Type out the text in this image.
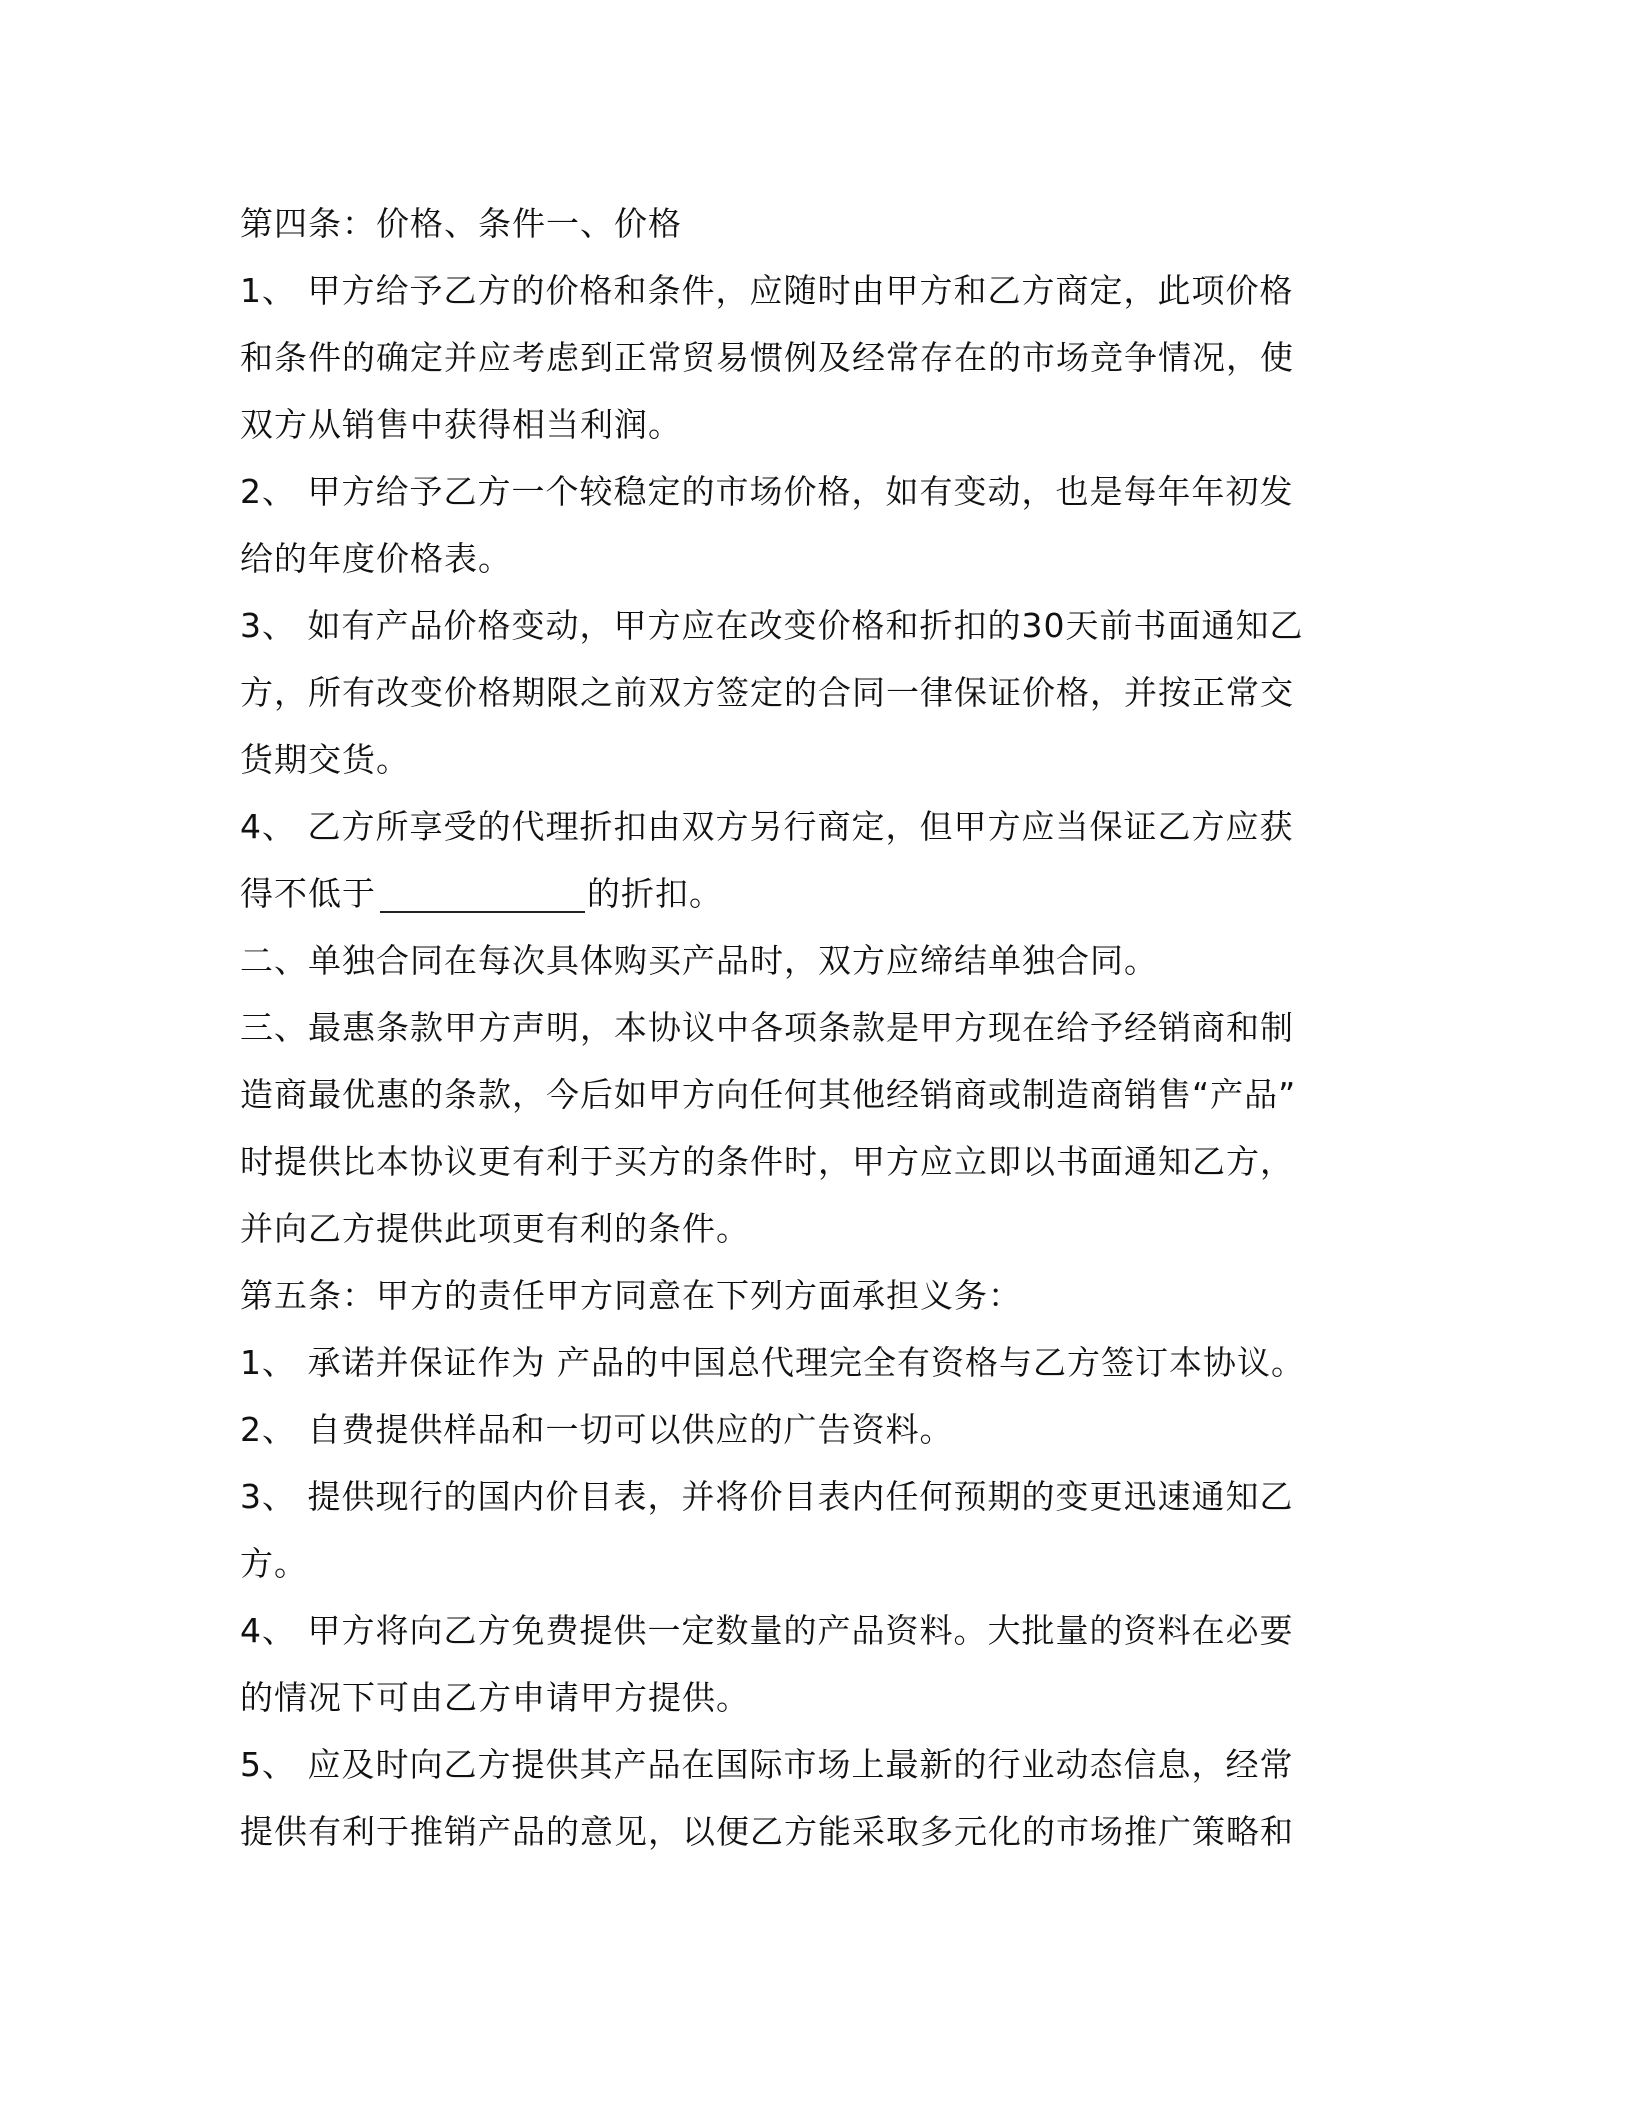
第四条：价格、条件一、价格
1、 甲方给予乙方的价格和条件，应随时由甲方和乙方商定，此项价格
和条件的确定并应考虑到正常贸易惯例及经常存在的市场竞争情况，使
双方从销售中获得相当利润。
2、 甲方给予乙方一个较稳定的市场价格，如有变动，也是每年年初发
给的年度价格表。
3、 如有产品价格变动，甲方应在改变价格和折扣的30天前书面通知乙
方，所有改变价格期限之前双方签定的合同一律保证价格，并按正常交
货期交货。
4、 乙方所享受的代理折扣由双方另行商定，但甲方应当保证乙方应获
得不低于	的折扣。
二、单独合同在每次具体购买产品时，双方应缔结单独合同。
三、最惠条款甲方声明，本协议中各项条款是甲方现在给予经销商和制
造商最优惠的条款，今后如甲方向任何其他经销商或制造商销售“产品”
时提供比本协议更有利于买方的条件时，甲方应立即以书面通知乙方，
并向乙方提供此项更有利的条件。
第五条：甲方的责任甲方同意在下列方面承担义务：
1、 承诺并保证作为 产品的中国总代理完全有资格与乙方签订本协议。
2、 自费提供样品和一切可以供应的广告资料。
3、 提供现行的国内价目表，并将价目表内任何预期的变更迅速通知乙
方。
4、 甲方将向乙方免费提供一定数量的产品资料。大批量的资料在必要
的情况下可由乙方申请甲方提供。
5、 应及时向乙方提供其产品在国际市场上最新的行业动态信息，经常
提供有利于推销产品的意见，以便乙方能采取多元化的市场推广策略和
